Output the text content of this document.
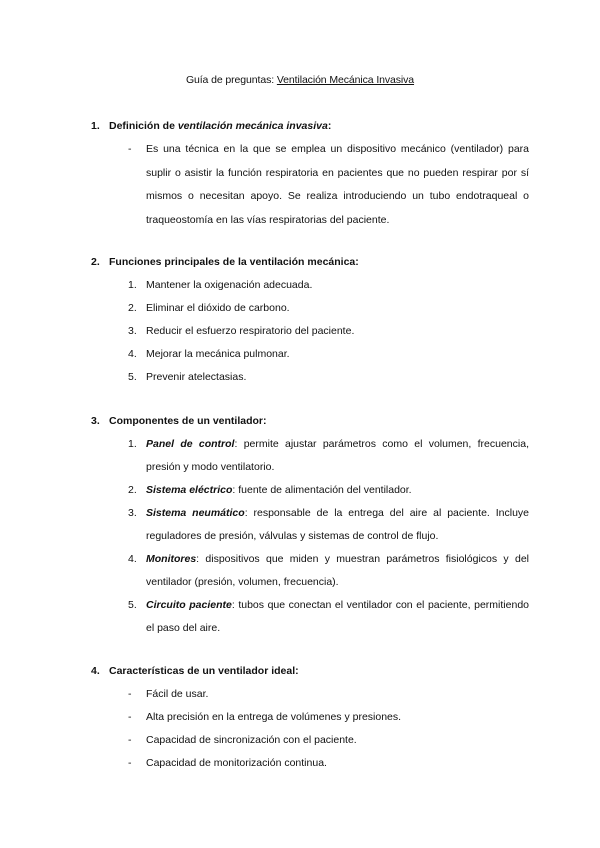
Guía de preguntas: Ventilación Mecánica Invasiva
1. Definición de ventilación mecánica invasiva:
- Es una técnica en la que se emplea un dispositivo mecánico (ventilador) para suplir o asistir la función respiratoria en pacientes que no pueden respirar por sí mismos o necesitan apoyo. Se realiza introduciendo un tubo endotraqueal o traqueostomía en las vías respiratorias del paciente.
2. Funciones principales de la ventilación mecánica:
1. Mantener la oxigenación adecuada.
2. Eliminar el dióxido de carbono.
3. Reducir el esfuerzo respiratorio del paciente.
4. Mejorar la mecánica pulmonar.
5. Prevenir atelectasias.
3. Componentes de un ventilador:
1. Panel de control: permite ajustar parámetros como el volumen, frecuencia, presión y modo ventilatorio.
2. Sistema eléctrico: fuente de alimentación del ventilador.
3. Sistema neumático: responsable de la entrega del aire al paciente. Incluye reguladores de presión, válvulas y sistemas de control de flujo.
4. Monitores: dispositivos que miden y muestran parámetros fisiológicos y del ventilador (presión, volumen, frecuencia).
5. Circuito paciente: tubos que conectan el ventilador con el paciente, permitiendo el paso del aire.
4. Características de un ventilador ideal:
- Fácil de usar.
- Alta precisión en la entrega de volúmenes y presiones.
- Capacidad de sincronización con el paciente.
- Capacidad de monitorización continua.
